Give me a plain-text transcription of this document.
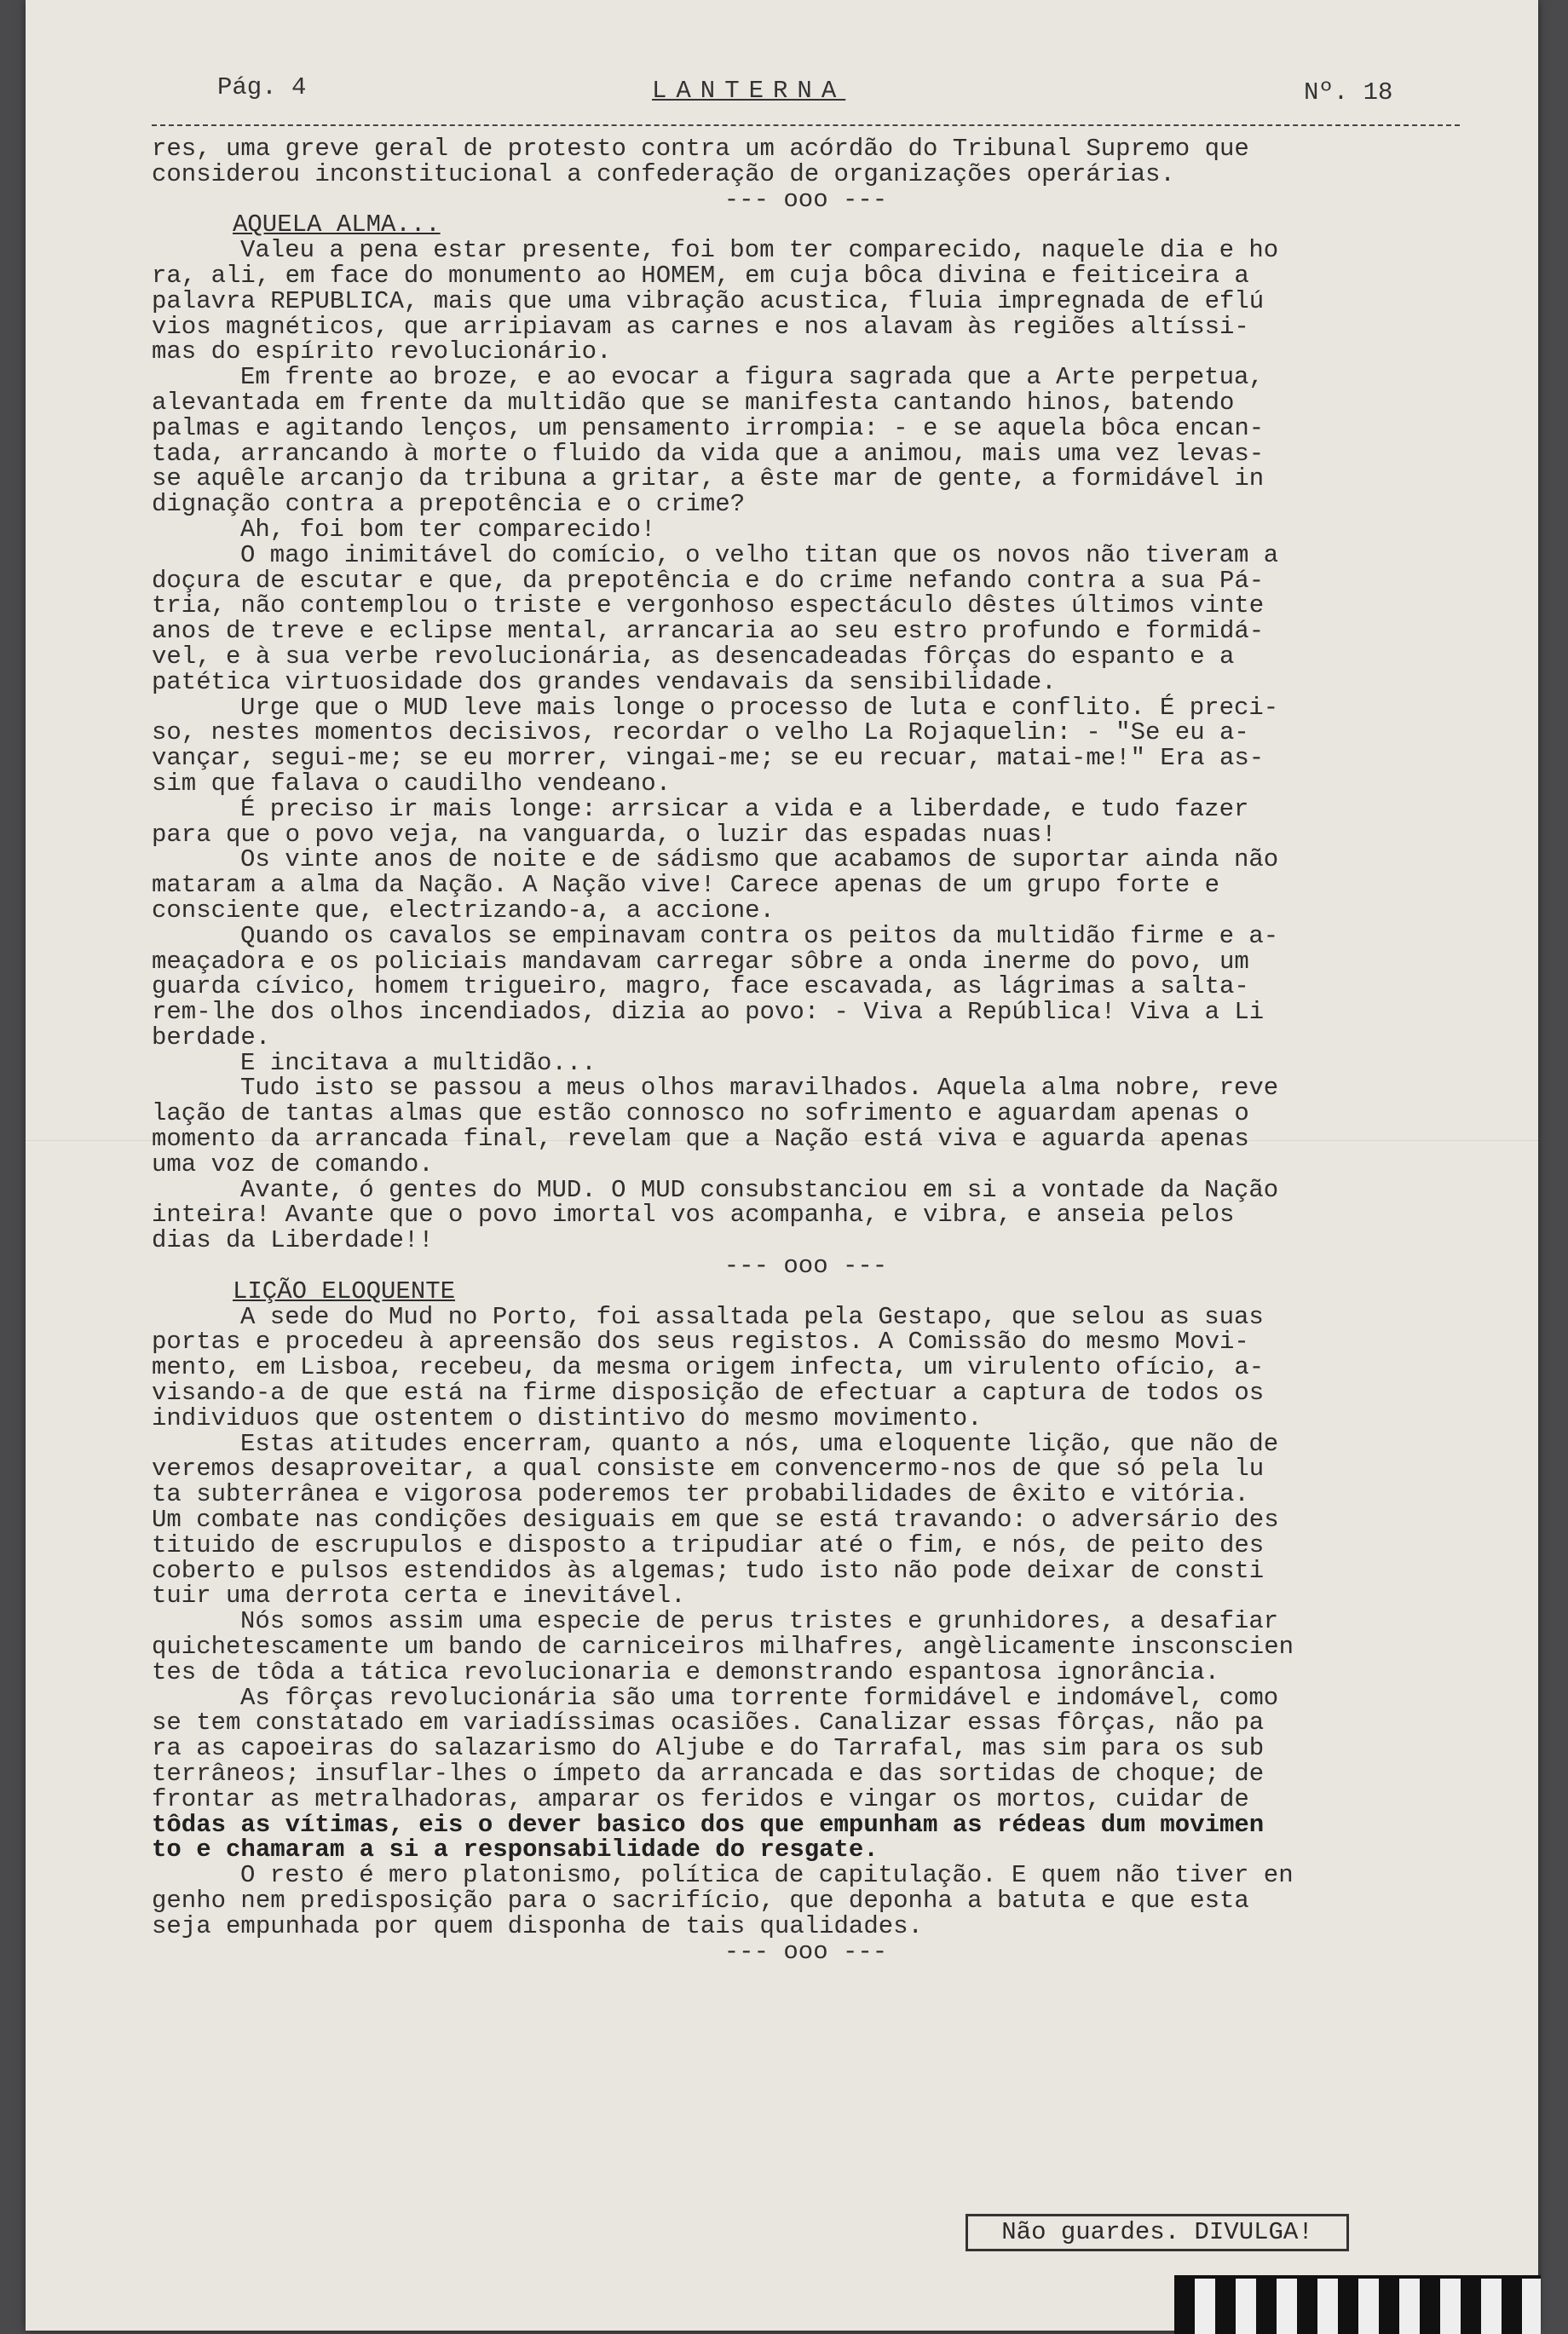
Pág. 4	LANTERNA	Nº. 18

res, uma greve geral de protesto contra um acórdão do Tribunal Supremo que

considerou inconstitucional a confederação de organizações operárias.

--- ooo ---

AQUELA ALMA...

Valeu a pena estar presente, foi bom ter comparecido, naquele dia e ho

ra, ali, em face do monumento ao HOMEM, em cuja bôca divina e feiticeira a

palavra REPUBLICA, mais que uma vibração acustica, fluia impregnada de eflú

vios magnéticos, que arripiavam as carnes e nos alavam às regiões altíssi-

mas do espírito revolucionário.

Em frente ao broze, e ao evocar a figura sagrada que a Arte perpetua,

alevantada em frente da multidão que se manifesta cantando hinos, batendo

palmas e agitando lenços, um pensamento irrompia: - e se aquela bôca encan-

tada, arrancando à morte o fluido da vida que a animou, mais uma vez levas-

se aquêle arcanjo da tribuna a gritar, a êste mar de gente, a formidável in

dignação contra a prepotência e o crime?

Ah, foi bom ter comparecido!

O mago inimitável do comício, o velho titan que os novos não tiveram a

doçura de escutar e que, da prepotência e do crime nefando contra a sua Pá-

tria, não contemplou o triste e vergonhoso espectáculo dêstes últimos vinte

anos de treve e eclipse mental, arrancaria ao seu estro profundo e formidá-

vel, e à sua verbe revolucionária, as desencadeadas fôrças do espanto e a

patética virtuosidade dos grandes vendavais da sensibilidade.

Urge que o MUD leve mais longe o processo de luta e conflito. É preci-

so, nestes momentos decisivos, recordar o velho La Rojaquelin: - "Se eu a-

vançar, segui-me; se eu morrer, vingai-me; se eu recuar, matai-me!" Era as-

sim que falava o caudilho vendeano.

É preciso ir mais longe: arrsicar a vida e a liberdade, e tudo fazer

para que o povo veja, na vanguarda, o luzir das espadas nuas!

Os vinte anos de noite e de sádismo que acabamos de suportar ainda não

mataram a alma da Nação. A Nação vive! Carece apenas de um grupo forte e

consciente que, electrizando-a, a accione.

Quando os cavalos se empinavam contra os peitos da multidão firme e a-

meaçadora e os policiais mandavam carregar sôbre a onda inerme do povo, um

guarda cívico, homem trigueiro, magro, face escavada, as lágrimas a salta-

rem-lhe dos olhos incendiados, dizia ao povo: - Viva a República! Viva a Li

berdade.

E incitava a multidão...

Tudo isto se passou a meus olhos maravilhados. Aquela alma nobre, reve

lação de tantas almas que estão connosco no sofrimento e aguardam apenas o

momento da arrancada final, revelam que a Nação está viva e aguarda apenas

uma voz de comando.

Avante, ó gentes do MUD. O MUD consubstanciou em si a vontade da Nação

inteira! Avante que o povo imortal vos acompanha, e vibra, e anseia pelos

dias da Liberdade!!

--- ooo ---

LIÇÃO ELOQUENTE

A sede do Mud no Porto, foi assaltada pela Gestapo, que selou as suas

portas e procedeu à apreensão dos seus registos. A Comissão do mesmo Movi-

mento, em Lisboa, recebeu, da mesma origem infecta, um virulento ofício, a-

visando-a de que está na firme disposição de efectuar a captura de todos os

individuos que ostentem o distintivo do mesmo movimento.

Estas atitudes encerram, quanto a nós, uma eloquente lição, que não de

veremos desaproveitar, a qual consiste em convencermo-nos de que só pela lu

ta subterrânea e vigorosa poderemos ter probabilidades de êxito e vitória.

Um combate nas condições desiguais em que se está travando: o adversário des

tituido de escrupulos e disposto a tripudiar até o fim, e nós, de peito des

coberto e pulsos estendidos às algemas; tudo isto não pode deixar de consti

tuir uma derrota certa e inevitável.

Nós somos assim uma especie de perus tristes e grunhidores, a desafiar

quichetescamente um bando de carniceiros milhafres, angèlicamente insconscien

tes de tôda a tática revolucionaria e demonstrando espantosa ignorância.

As fôrças revolucionária são uma torrente formidável e indomável, como

se tem constatado em variadíssimas ocasiões. Canalizar essas fôrças, não pa

ra as capoeiras do salazarismo do Aljube e do Tarrafal, mas sim para os sub

terrâneos; insuflar-lhes o ímpeto da arrancada e das sortidas de choque; de

frontar as metralhadoras, amparar os feridos e vingar os mortos, cuidar de

tôdas as vítimas, eis o dever basico dos que empunham as rédeas dum movimen

to e chamaram a si a responsabilidade do resgate.

O resto é mero platonismo, política de capitulação. E quem não tiver en

genho nem predisposição para o sacrifício, que deponha a batuta e que esta

seja empunhada por quem disponha de tais qualidades.

--- ooo ---

Não guardes. DIVULGA!
